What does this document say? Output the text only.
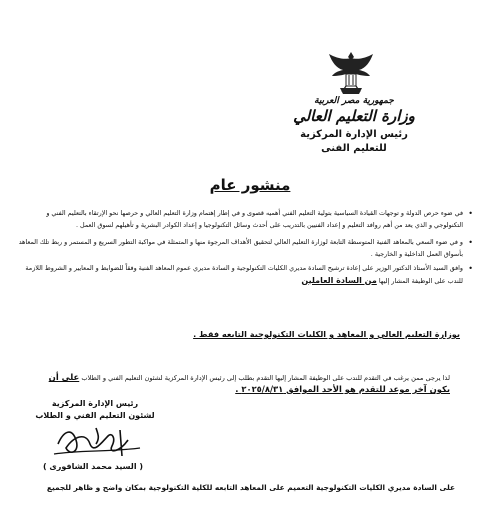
جمهورية مصر العربية
وزارة التعليم العالي
رئيس الإدارة المركزية
للتعليم الفنى
منشور عام
•
في ضوء حرص الدولة و توجهات القيادة السياسية بتولية التعليم الفني أهميه قصوى و في إطار إهتمام وزارة التعليم العالي و حرصها نحو الإرتقاء بالتعليم الفني و التكنولوجي و الذي يعد من أهم روافد التعليم و إعداد الفنيين بالتدريب على أحدث وسائل التكنولوجيا و إعداد الكوادر البشرية و تأهيلهم لسوق العمل .
•
و في ضوء السعي بالمعاهد الفنية المتوسطة التابعة لوزارة التعليم العالي لتحقيق الأهداف المرجوة منها و المتمثلة في مواكبة التطور السريع و المستمر و ربط تلك المعاهد بأسواق العمل الداخلية و الخارجية .
•
وافق السيد الأستاذ الدكتور الوزير على إعادة ترشيح السادة مديري الكليات التكنولوجية و السادة مديري عموم المعاهد الفنية وفقاً للضوابط و المعايير و الشروط اللازمة للندب على الوظيفة المشار إليها من السادة العاملين
بوزارة التعليم العالي و المعاهد و الكليات التكنولوجية التابعه فقط .
لذا يرجى ممن يرغب في التقدم للندب على الوظيفة المشار إليها التقدم بطلب إلى رئيس الإدارة المركزية لشئون التعليم الفني و الطلاب على أن يكون آخر موعد للتقدم هو الأحد الموافق ٢٠٢٥/٨/٣١ .
رئيس الإدارة المركزية
لشئون التعليم الفني و الطلاب
( السيد محمد الشافورى )
على السادة مديري الكليات التكنولوجية التعميم على المعاهد التابعه للكلية التكنولوجية بمكان واضح و ظاهر للجميع
